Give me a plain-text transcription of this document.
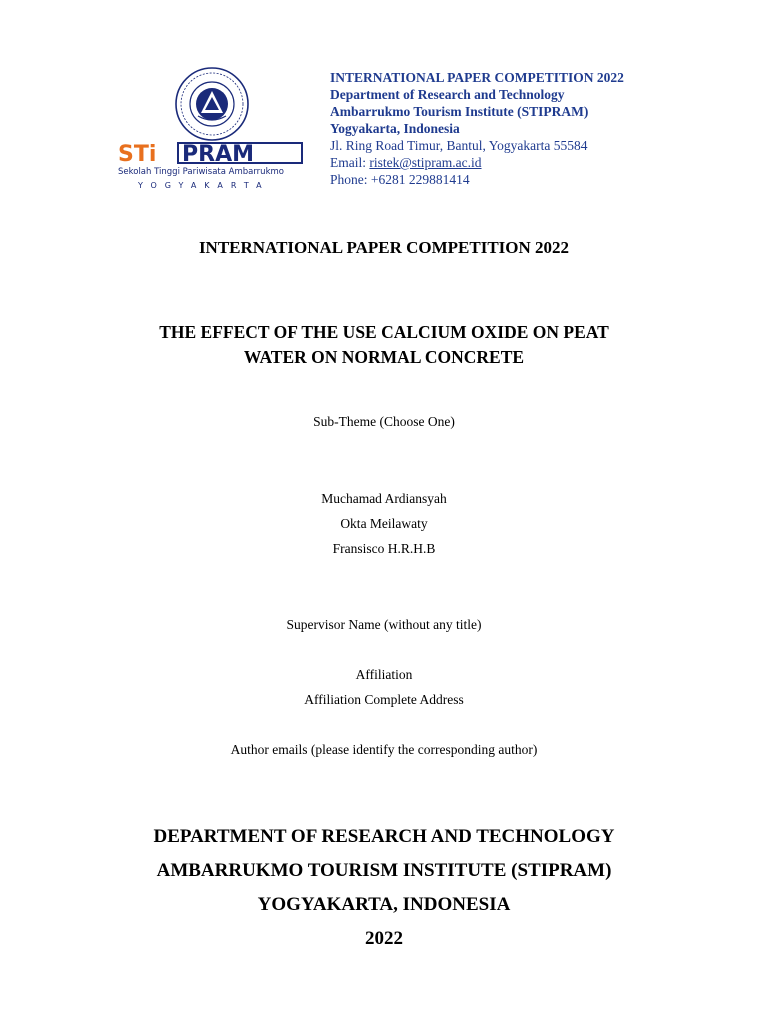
STi PRAM
Sekolah Tinggi Pariwisata Ambarrukmo
YOGYAKARTA
INTERNATIONAL PAPER COMPETITION 2022
Department of Research and Technology
Ambarrukmo Tourism Institute (STIPRAM)
Yogyakarta, Indonesia
Jl. Ring Road Timur, Bantul, Yogyakarta 55584
Email: ristek@stipram.ac.id
Phone: +6281 229881414
INTERNATIONAL PAPER COMPETITION 2022
THE EFFECT OF THE USE CALCIUM OXIDE ON PEAT
WATER ON NORMAL CONCRETE
Sub-Theme (Choose One)
Muchamad Ardiansyah
Okta Meilawaty
Fransisco H.R.H.B
Supervisor Name (without any title)
Affiliation
Affiliation Complete Address
Author emails (please identify the corresponding author)
DEPARTMENT OF RESEARCH AND TECHNOLOGY
AMBARRUKMO TOURISM INSTITUTE (STIPRAM)
YOGYAKARTA, INDONESIA
2022
